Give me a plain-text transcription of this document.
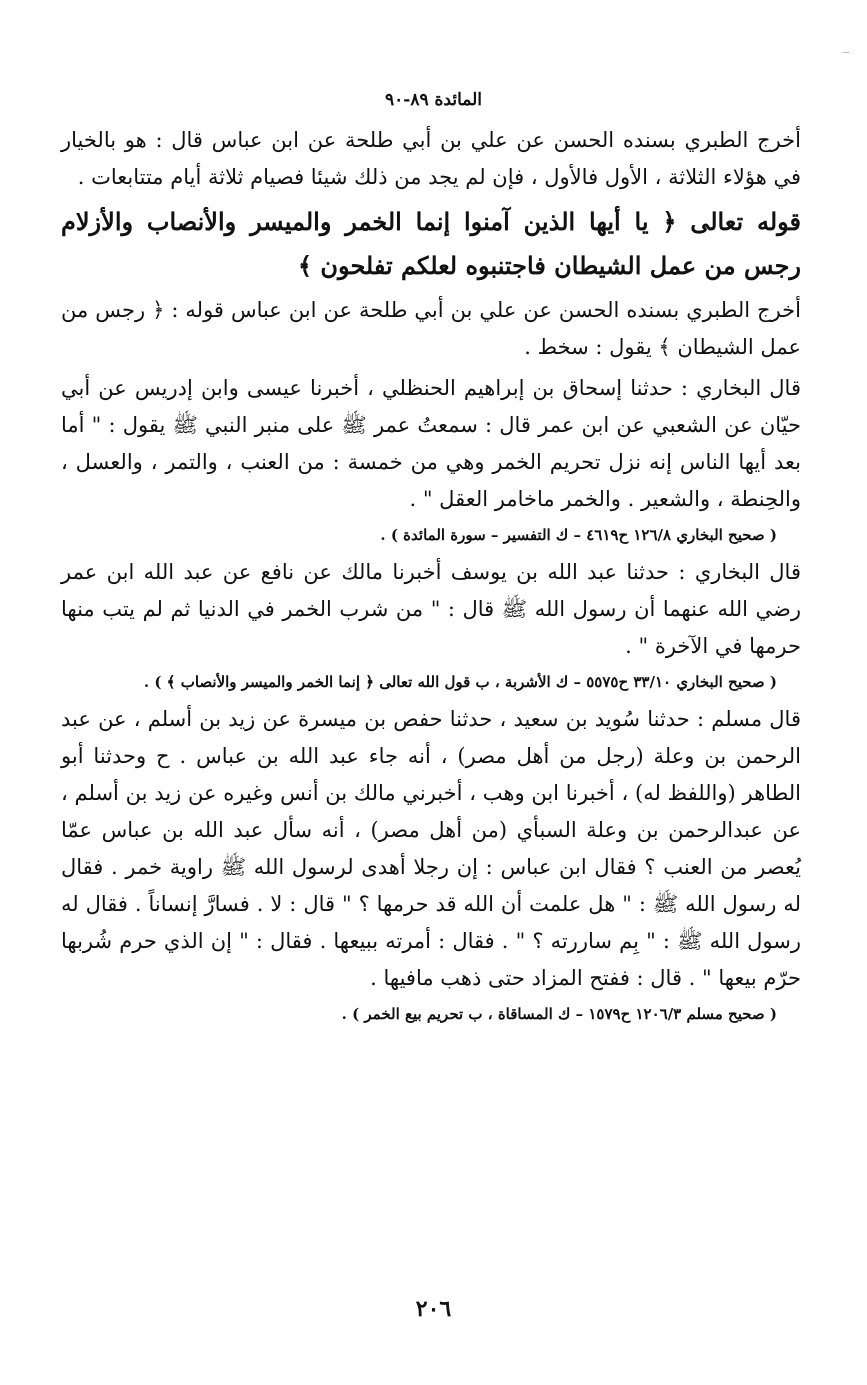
المائدة ٨٩-٩٠

أخرج الطبري بسنده الحسن عن علي بن أبي طلحة عن ابن عباس قال : هو بالخيار في هؤلاء الثلاثة ، الأول فالأول ، فإن لم يجد من ذلك شيئا فصيام ثلاثة أيام متتابعات .

قوله تعالى ﴿ يا أيها الذين آمنوا إنما الخمر والميسر والأنصاب والأزلام رجس من عمل الشيطان فاجتنبوه لعلكم تفلحون ﴾

أخرج الطبري بسنده الحسن عن علي بن أبي طلحة عن ابن عباس قوله : ﴿ رجس من عمل الشيطان ﴾ يقول : سخط .

قال البخاري : حدثنا إسحاق بن إبراهيم الحنظلي ، أخبرنا عيسى وابن إدريس عن أبي حيّان عن الشعبي عن ابن عمر قال : سمعتُ عمر ﷺ على منبر النبي ﷺ يقول : " أما بعد أيها الناس إنه نزل تحريم الخمر وهي من خمسة : من العنب ، والتمر ، والعسل ، والحِنطة ، والشعير . والخمر ماخامر العقل " .

( صحيح البخاري ١٢٦/٨ ح٤٦١٩ – ك التفسير – سورة المائدة ) .

قال البخاري : حدثنا عبد الله بن يوسف أخبرنا مالك عن نافع عن عبد الله ابن عمر رضي الله عنهما أن رسول الله ﷺ قال : " من شرب الخمر في الدنيا ثم لم يتب منها حرمها في الآخرة " .

( صحيح البخاري ٣٣/١٠ ح٥٥٧٥ – ك الأشربة ، ب قول الله تعالى ﴿ إنما الخمر والميسر والأنصاب ﴾ ) .

قال مسلم : حدثنا سُويد بن سعيد ، حدثنا حفص بن ميسرة عن زيد بن أسلم ، عن عبد الرحمن بن وعلة (رجل من أهل مصر) ، أنه جاء عبد الله بن عباس . ح وحدثنا أبو الطاهر (واللفظ له) ، أخبرنا ابن وهب ، أخبرني مالك بن أنس وغيره عن زيد بن أسلم ، عن عبدالرحمن بن وعلة السبأي (من أهل مصر) ، أنه سأل عبد الله بن عباس عمّا يُعصر من العنب ؟ فقال ابن عباس : إن رجلا أهدى لرسول الله ﷺ راوية خمر . فقال له رسول الله ﷺ : " هل علمت أن الله قد حرمها ؟ " قال : لا . فسارَّ إنساناً . فقال له رسول الله ﷺ : " بِم ساررته ؟ " . فقال : أمرته ببيعها . فقال : " إن الذي حرم شُربها حرّم بيعها " . قال : ففتح المزاد حتى ذهب مافيها .

( صحيح مسلم ١٢٠٦/٣ ح١٥٧٩ – ك المساقاة ، ب تحريم بيع الخمر ) .

٢٠٦
